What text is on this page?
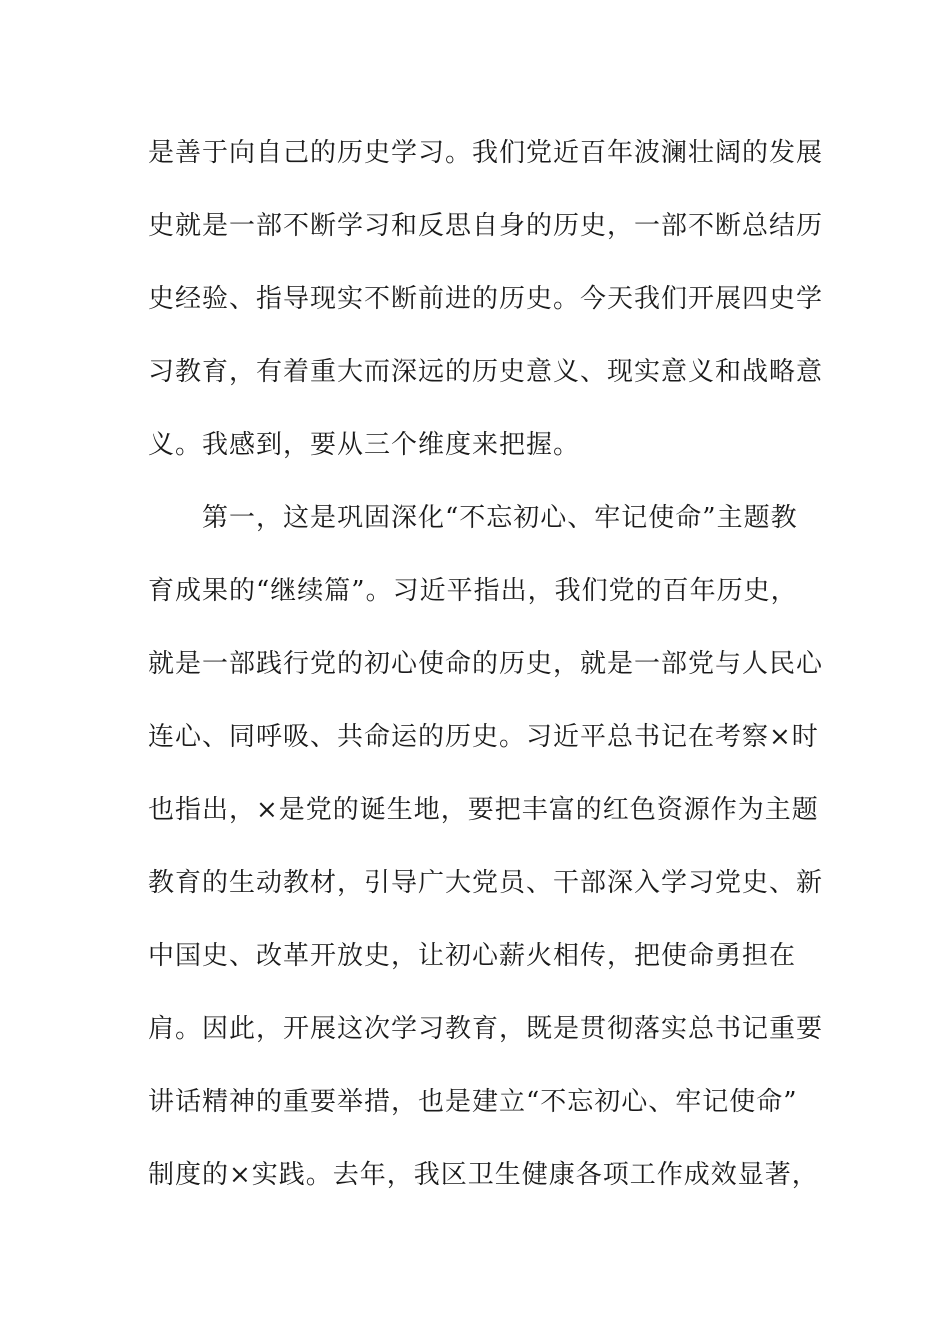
是善于向自己的历史学习。我们党近百年波澜壮阔的发展
史就是一部不断学习和反思自身的历史，一部不断总结历
史经验、指导现实不断前进的历史。今天我们开展四史学
习教育，有着重大而深远的历史意义、现实意义和战略意
义。我感到，要从三个维度来把握。
　　第一，这是巩固深化“不忘初心、牢记使命”主题教
育成果的“继续篇”。习近平指出，我们党的百年历史，
就是一部践行党的初心使命的历史，就是一部党与人民心
连心、同呼吸、共命运的历史。习近平总书记在考察×时
也指出，×是党的诞生地，要把丰富的红色资源作为主题
教育的生动教材，引导广大党员、干部深入学习党史、新
中国史、改革开放史，让初心薪火相传，把使命勇担在
肩。因此，开展这次学习教育，既是贯彻落实总书记重要
讲话精神的重要举措，也是建立“不忘初心、牢记使命”
制度的×实践。去年，我区卫生健康各项工作成效显著，
